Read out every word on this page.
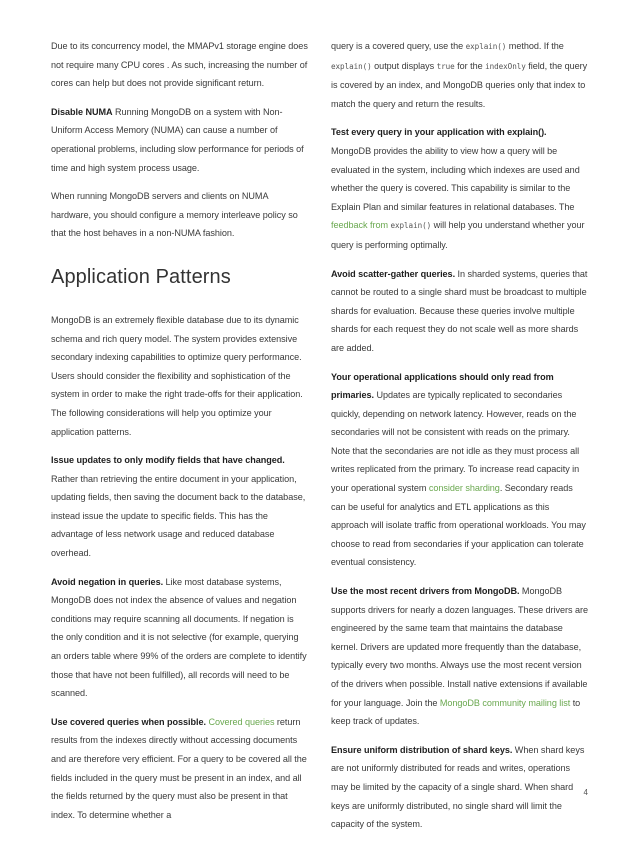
Due to its concurrency model, the MMAPv1 storage engine does not require many CPU cores . As such, increasing the number of cores can help but does not provide significant return.

Disable NUMA Running MongoDB on a system with Non-Uniform Access Memory (NUMA) can cause a number of operational problems, including slow performance for periods of time and high system process usage.

When running MongoDB servers and clients on NUMA hardware, you should configure a memory interleave policy so that the host behaves in a non-NUMA fashion.

Application Patterns

MongoDB is an extremely flexible database due to its dynamic schema and rich query model. The system provides extensive secondary indexing capabilities to optimize query performance. Users should consider the flexibility and sophistication of the system in order to make the right trade-offs for their application. The following considerations will help you optimize your application patterns.

Issue updates to only modify fields that have changed. Rather than retrieving the entire document in your application, updating fields, then saving the document back to the database, instead issue the update to specific fields. This has the advantage of less network usage and reduced database overhead.

Avoid negation in queries. Like most database systems, MongoDB does not index the absence of values and negation conditions may require scanning all documents. If negation is the only condition and it is not selective (for example, querying an orders table where 99% of the orders are complete to identify those that have not been fulfilled), all records will need to be scanned.

Use covered queries when possible. Covered queries return results from the indexes directly without accessing documents and are therefore very efficient. For a query to be covered all the fields included in the query must be present in an index, and all the fields returned by the query must also be present in that index. To determine whether a

query is a covered query, use the explain() method. If the explain() output displays true for the indexOnly field, the query is covered by an index, and MongoDB queries only that index to match the query and return the results.

Test every query in your application with explain(). MongoDB provides the ability to view how a query will be evaluated in the system, including which indexes are used and whether the query is covered. This capability is similar to the Explain Plan and similar features in relational databases. The feedback from explain() will help you understand whether your query is performing optimally.

Avoid scatter-gather queries. In sharded systems, queries that cannot be routed to a single shard must be broadcast to multiple shards for evaluation. Because these queries involve multiple shards for each request they do not scale well as more shards are added.

Your operational applications should only read from primaries. Updates are typically replicated to secondaries quickly, depending on network latency. However, reads on the secondaries will not be consistent with reads on the primary. Note that the secondaries are not idle as they must process all writes replicated from the primary. To increase read capacity in your operational system consider sharding. Secondary reads can be useful for analytics and ETL applications as this approach will isolate traffic from operational workloads. You may choose to read from secondaries if your application can tolerate eventual consistency.

Use the most recent drivers from MongoDB. MongoDB supports drivers for nearly a dozen languages. These drivers are engineered by the same team that maintains the database kernel. Drivers are updated more frequently than the database, typically every two months. Always use the most recent version of the drivers when possible. Install native extensions if available for your language. Join the MongoDB community mailing list to keep track of updates.

Ensure uniform distribution of shard keys. When shard keys are not uniformly distributed for reads and writes, operations may be limited by the capacity of a single shard. When shard keys are uniformly distributed, no single shard will limit the capacity of the system.

4
